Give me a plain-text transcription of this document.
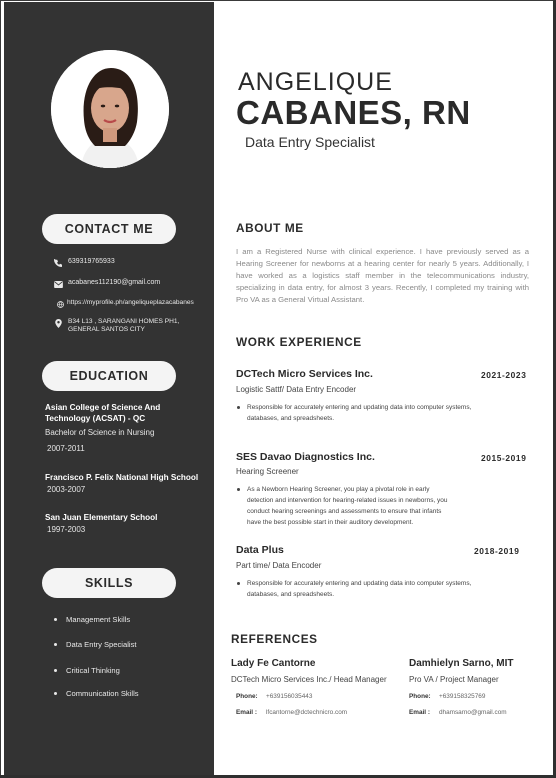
CONTACT ME
639319765933
acabanes112190@gmail.com
https://myprofile.ph/angeliqueplazacabanes
B34 L13 , SARANGANI HOMES PH1,
GENERAL SANTOS CITY
EDUCATION
Asian College of Science And
Technology (ACSAT) - QC
Bachelor of Science in Nursing
2007-2011
Francisco P. Felix National High School
2003-2007
San Juan Elementary School
1997-2003
SKILLS
Management Skills
Data Entry Specialist
Critical Thinking
Communication Skills
ANGELIQUE
CABANES, RN
Data Entry Specialist
ABOUT ME
I am a Registered Nurse with clinical experience. I have previously served as a Hearing Screener for newborns at a hearing center for nearly 5 years. Additionally, I have worked as a logistics staff member in the telecommunications industry, specializing in data entry, for almost 3 years. Recently, I completed my training with Pro VA as a General Virtual Assistant.
WORK EXPERIENCE
DCTech Micro Services Inc.	2021-2023
Logistic Sattf/ Data Entry Encoder
Responsible for accurately entering and updating data into computer systems, databases, and spreadsheets.
SES Davao Diagnostics Inc.	2015-2019
Hearing Screener
As a Newborn Hearing Screener, you play a pivotal role in early detection and intervention for hearing-related issues in newborns, you conduct hearing screenings and assessments to ensure that infants have the best possible start in their auditory development.
Data Plus	2018-2019
Part time/ Data Encoder
Responsible for accurately entering and updating data into computer systems, databases, and spreadsheets.
REFERENCES
Lady Fe Cantorne
DCTech Micro Services Inc./ Head Manager
Phone:	+639156035443
Email :	lfcantorne@dctechnicro.com
Damhielyn Sarno, MIT
Pro VA / Project Manager
Phone:	+639158325769
Email :	dhamsarno@gmail.com
